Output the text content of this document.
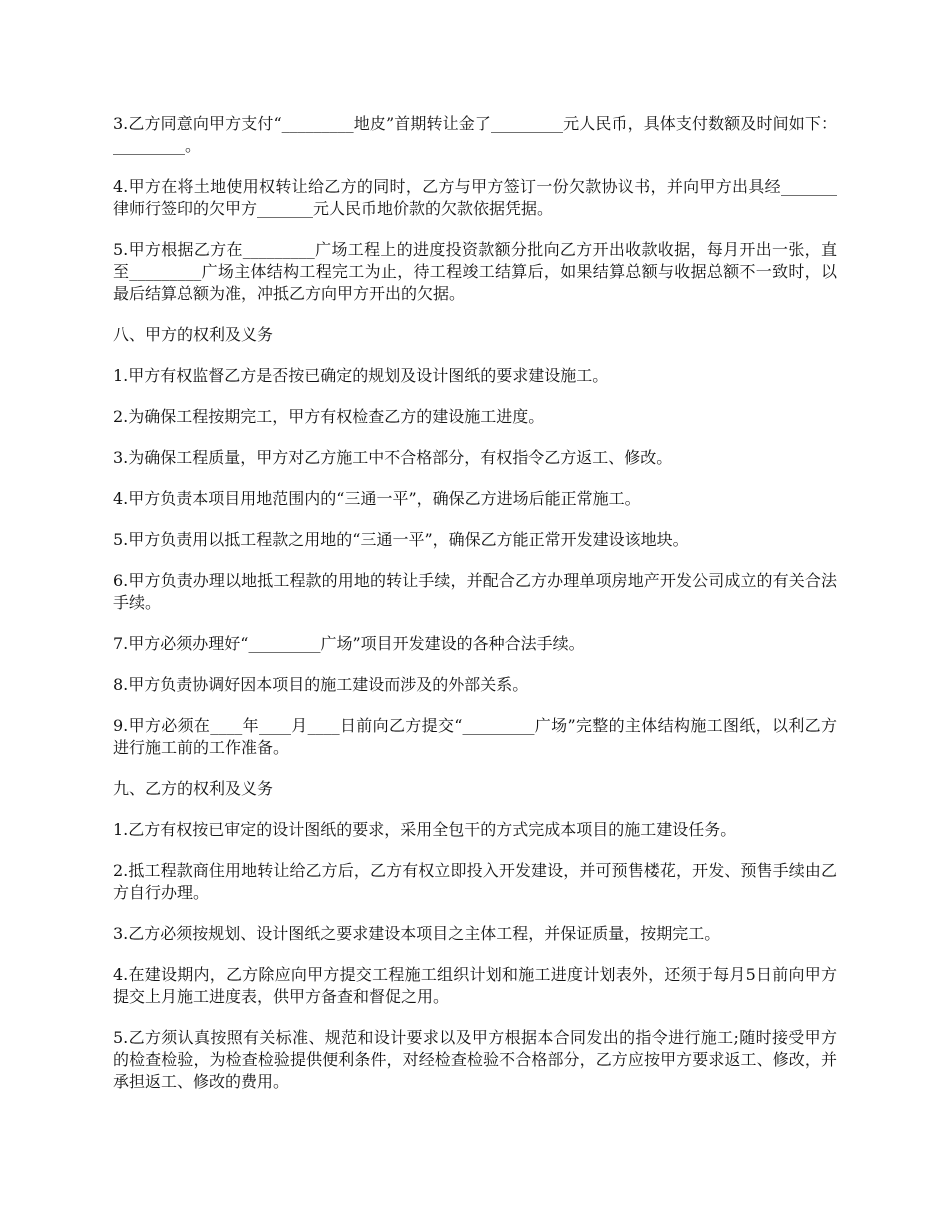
3.乙方同意向甲方支付“_________地皮”首期转让金了_________元人民币，具体支付数额及时间如下：_________。

4.甲方在将土地使用权转让给乙方的同时，乙方与甲方签订一份欠款协议书，并向甲方出具经_______律师行签印的欠甲方_______元人民币地价款的欠款依据凭据。

5.甲方根据乙方在_________广场工程上的进度投资款额分批向乙方开出收款收据，每月开出一张，直至_________广场主体结构工程完工为止，待工程竣工结算后，如果结算总额与收据总额不一致时，以最后结算总额为准，冲抵乙方向甲方开出的欠据。

八、甲方的权利及义务

1.甲方有权监督乙方是否按已确定的规划及设计图纸的要求建设施工。

2.为确保工程按期完工，甲方有权检查乙方的建设施工进度。

3.为确保工程质量，甲方对乙方施工中不合格部分，有权指令乙方返工、修改。

4.甲方负责本项目用地范围内的“三通一平”，确保乙方进场后能正常施工。

5.甲方负责用以抵工程款之用地的“三通一平”，确保乙方能正常开发建设该地块。

6.甲方负责办理以地抵工程款的用地的转让手续，并配合乙方办理单项房地产开发公司成立的有关合法手续。

7.甲方必须办理好“_________广场”项目开发建设的各种合法手续。

8.甲方负责协调好因本项目的施工建设而涉及的外部关系。

9.甲方必须在____年____月____日前向乙方提交“_________广场”完整的主体结构施工图纸，以利乙方进行施工前的工作准备。

九、乙方的权利及义务

1.乙方有权按已审定的设计图纸的要求，采用全包干的方式完成本项目的施工建设任务。

2.抵工程款商住用地转让给乙方后，乙方有权立即投入开发建设，并可预售楼花，开发、预售手续由乙方自行办理。

3.乙方必须按规划、设计图纸之要求建设本项目之主体工程，并保证质量，按期完工。

4.在建设期内，乙方除应向甲方提交工程施工组织计划和施工进度计划表外，还须于每月5日前向甲方提交上月施工进度表，供甲方备查和督促之用。

5.乙方须认真按照有关标准、规范和设计要求以及甲方根据本合同发出的指令进行施工;随时接受甲方的检查检验，为检查检验提供便利条件，对经检查检验不合格部分，乙方应按甲方要求返工、修改，并承担返工、修改的费用。
